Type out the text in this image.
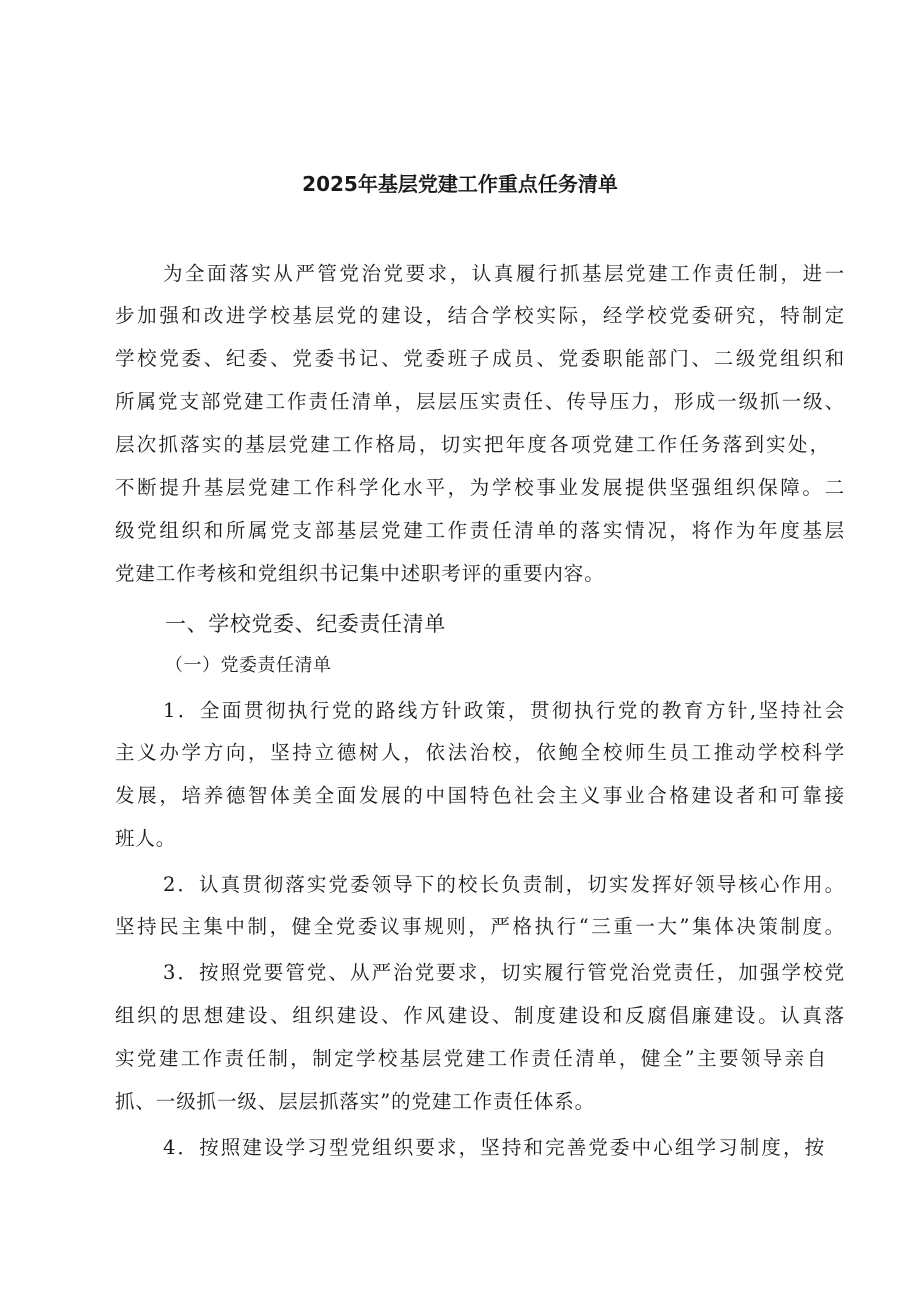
2025年基层党建工作重点任务清单
为全面落实从严管党治党要求，认真履行抓基层党建工作责任制，进一
步加强和改进学校基层党的建设，结合学校实际，经学校党委研究，特制定
学校党委、纪委、党委书记、党委班子成员、党委职能部门、二级党组织和
所属党支部党建工作责任清单，层层压实责任、传导压力，形成一级抓一级、
层次抓落实的基层党建工作格局，切实把年度各项党建工作任务落到实处，
不断提升基层党建工作科学化水平，为学校事业发展提供坚强组织保障。二
级党组织和所属党支部基层党建工作责任清单的落实情况，将作为年度基层
党建工作考核和党组织书记集中述职考评的重要内容。
一、学校党委、纪委责任清单
（一）党委责任清单
1．全面贯彻执行党的路线方针政策，贯彻执行党的教育方针,坚持社会
主义办学方向，坚持立德树人，依法治校，依鲍全校师生员工推动学校科学
发展，培养德智体美全面发展的中国特色社会主义事业合格建设者和可靠接
班人。
2．认真贯彻落实党委领导下的校长负责制，切实发挥好领导核心作用。
坚持民主集中制，健全党委议事规则，严格执行“三重一大”集体决策制度。
3．按照党要管党、从严治党要求，切实履行管党治党责任，加强学校党
组织的思想建设、组织建设、作风建设、制度建设和反腐倡廉建设。认真落
实党建工作责任制，制定学校基层党建工作责任清单，健全”主要领导亲自
抓、一级抓一级、层层抓落实”的党建工作责任体系。
4．按照建设学习型党组织要求，坚持和完善党委中心组学习制度，按
